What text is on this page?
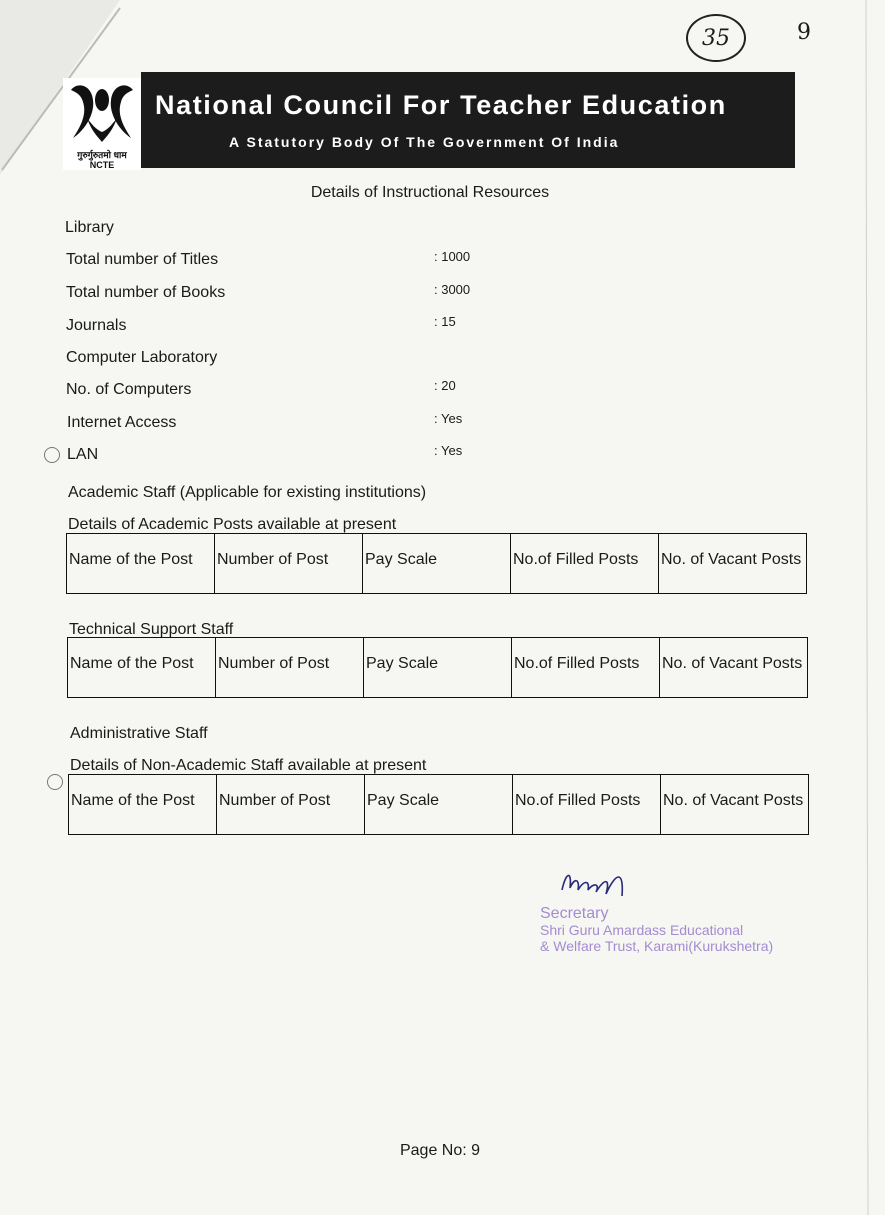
35	9
गुरुर्गुरुतमो धाम
NCTE
National Council For Teacher Education
A Statutory Body Of The Government Of India
Details of Instructional Resources
Library
Total number of Titles	: 1000
Total number of Books	: 3000
Journals	: 15
Computer Laboratory
No. of Computers	: 20
Internet Access	: Yes
LAN	: Yes
Academic Staff (Applicable for existing institutions)
Details of Academic Posts available at present
Name of the Post	Number of Post	Pay Scale	No.of Filled Posts	No. of Vacant Posts
Technical Support Staff
Name of the Post	Number of Post	Pay Scale	No.of Filled Posts	No. of Vacant Posts
Administrative Staff
Details of Non-Academic Staff available at present
Name of the Post	Number of Post	Pay Scale	No.of Filled Posts	No. of Vacant Posts
Secretary
Shri Guru Amardass Educational
& Welfare Trust, Karami(Kurukshetra)
Page No: 9
